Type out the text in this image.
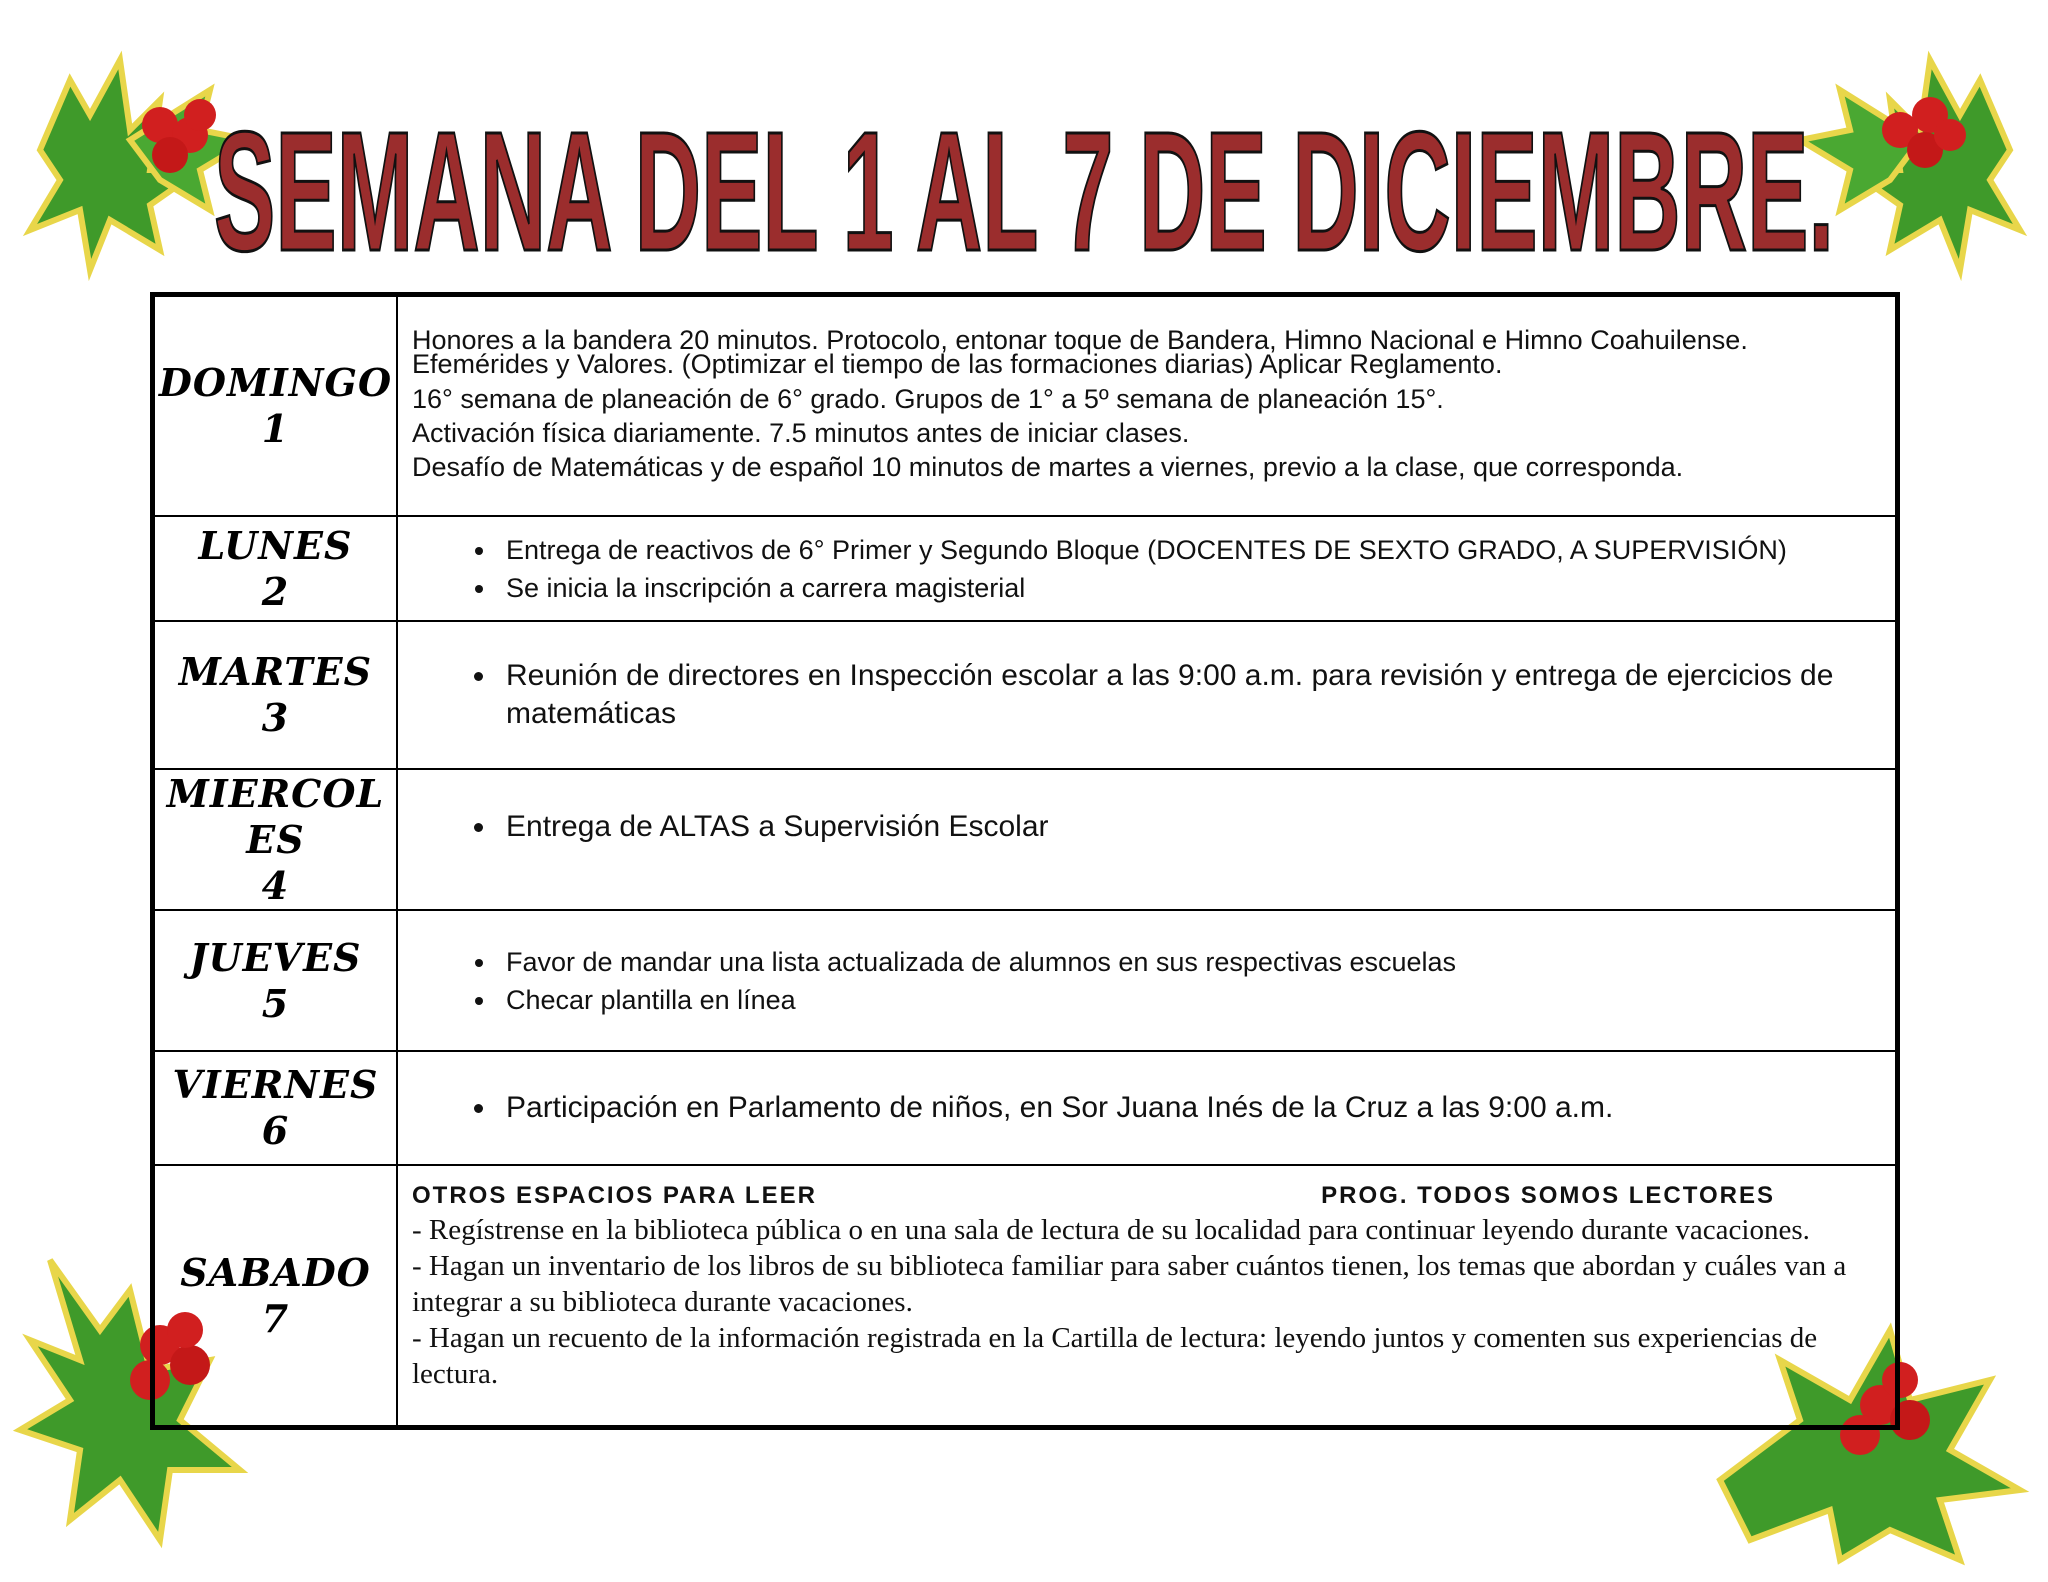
SEMANA DEL 1 AL 7 DE DICIEMBRE.
DOMINGO
1

Honores a la bandera 20 minutos. Protocolo, entonar toque de Bandera, Himno Nacional e Himno Coahuilense.

Efemérides y Valores. (Optimizar el tiempo de las formaciones diarias) Aplicar Reglamento.

16° semana de planeación de 6° grado. Grupos de 1° a 5º semana de planeación 15°.

Activación física diariamente. 7.5 minutos antes de iniciar clases.

Desafío de Matemáticas y de español 10 minutos de martes a viernes, previo a la clase, que corresponda.

LUNES
2
• Entrega de reactivos de 6° Primer y Segundo Bloque (DOCENTES DE SEXTO GRADO, A SUPERVISIÓN)
• Se inicia la inscripción a carrera magisterial
MARTES
3
• Reunión de directores en Inspección escolar a las 9:00 a.m. para revisión y entrega de ejercicios de matemáticas
MIERCOL
ES
4
• Entrega de ALTAS a Supervisión Escolar
JUEVES
5
• Favor de mandar una lista actualizada de alumnos en sus respectivas escuelas
• Checar plantilla en línea
VIERNES
6
• Participación en Parlamento de niños, en Sor Juana Inés de la Cruz a las 9:00 a.m.
SABADO
7
OTROS ESPACIOS PARA LEER	PROG. TODOS SOMOS LECTORES

- Regístrense en la biblioteca pública o en una sala de lectura de su localidad para continuar leyendo durante vacaciones.

- Hagan un inventario de los libros de su biblioteca familiar para saber cuántos tienen, los temas que abordan y cuáles van a integrar a su biblioteca durante vacaciones.

- Hagan un recuento de la información registrada en la Cartilla de lectura: leyendo juntos y comenten sus experiencias de lectura.
